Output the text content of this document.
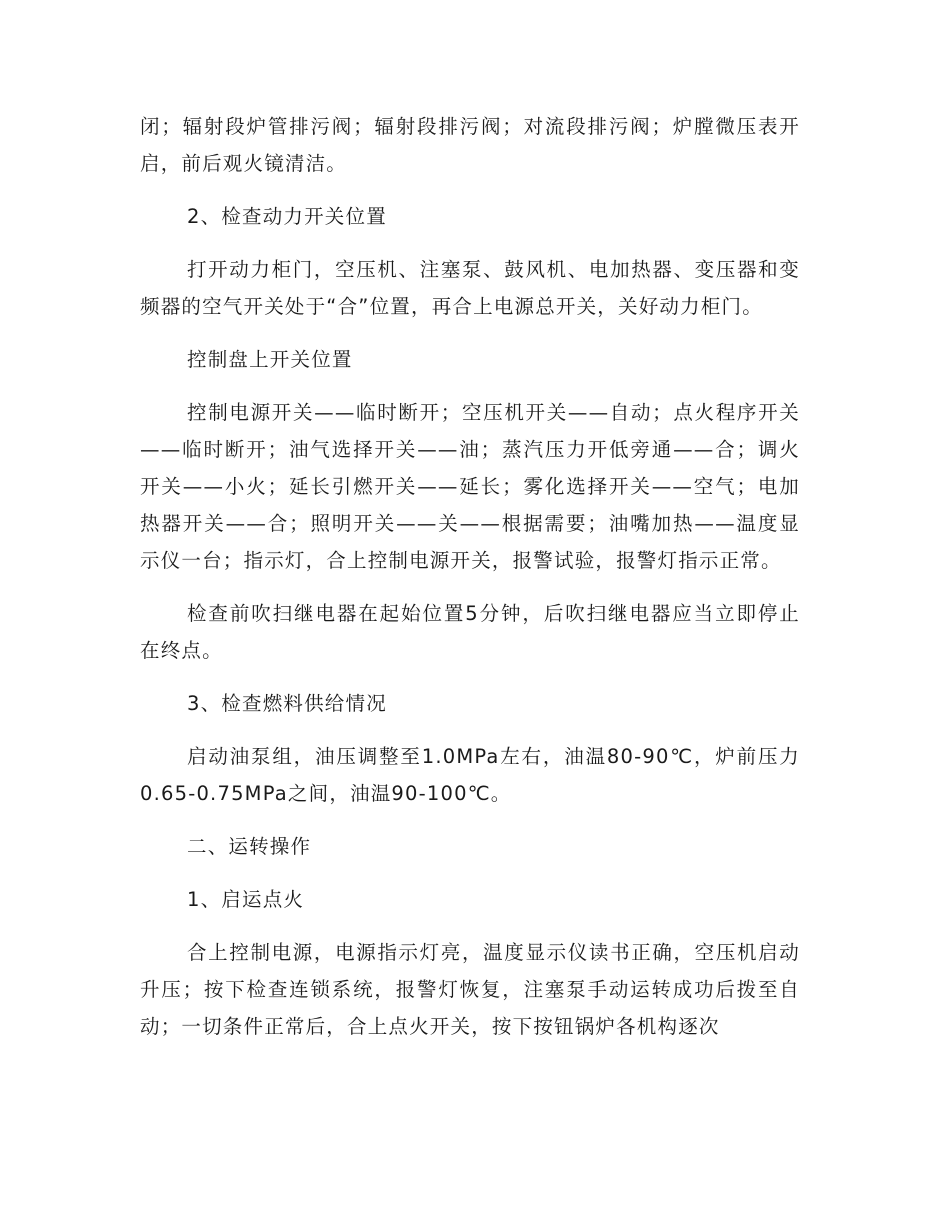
闭；辐射段炉管排污阀；辐射段排污阀；对流段排污阀；炉膛微压表开启，前后观火镜清洁。

2、检查动力开关位置

打开动力柜门，空压机、注塞泵、鼓风机、电加热器、变压器和变频器的空气开关处于“合”位置，再合上电源总开关，关好动力柜门。

控制盘上开关位置

控制电源开关——临时断开；空压机开关——自动；点火程序开关——临时断开；油气选择开关——油；蒸汽压力开低旁通——合；调火开关——小火；延长引燃开关——延长；雾化选择开关——空气；电加热器开关——合；照明开关——关——根据需要；油嘴加热——温度显示仪一台；指示灯，合上控制电源开关，报警试验，报警灯指示正常。

检查前吹扫继电器在起始位置5分钟，后吹扫继电器应当立即停止在终点。

3、检查燃料供给情况

启动油泵组，油压调整至1.0MPa左右，油温80-90℃，炉前压力0.65-0.75MPa之间，油温90-100℃。

二、运转操作

1、启运点火

合上控制电源，电源指示灯亮，温度显示仪读书正确，空压机启动升压；按下检查连锁系统，报警灯恢复，注塞泵手动运转成功后拨至自动；一切条件正常后，合上点火开关，按下按钮锅炉各机构逐次
